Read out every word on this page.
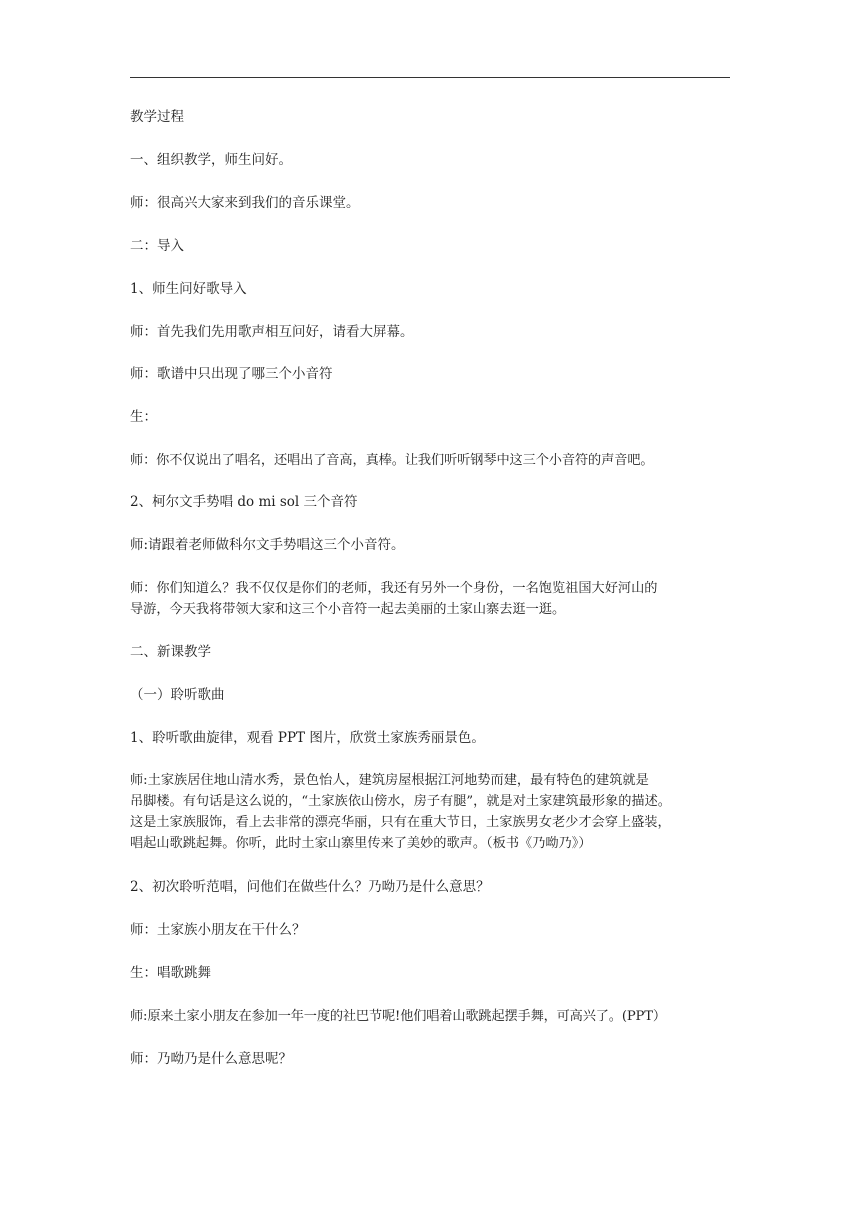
教学过程
一、组织教学，师生问好。
师：很高兴大家来到我们的音乐课堂。
二：导入
1、师生问好歌导入
师：首先我们先用歌声相互问好，请看大屏幕。
师：歌谱中只出现了哪三个小音符
生：
师：你不仅说出了唱名，还唱出了音高，真棒。让我们听听钢琴中这三个小音符的声音吧。
2、柯尔文手势唱 do mi sol 三个音符
师:请跟着老师做科尔文手势唱这三个小音符。
师：你们知道么？我不仅仅是你们的老师，我还有另外一个身份，一名饱览祖国大好河山的
导游，今天我将带领大家和这三个小音符一起去美丽的土家山寨去逛一逛。
二、新课教学
（一）聆听歌曲
1、聆听歌曲旋律，观看 PPT 图片，欣赏土家族秀丽景色。
师:土家族居住地山清水秀，景色怡人，建筑房屋根据江河地势而建，最有特色的建筑就是
吊脚楼。有句话是这么说的，“土家族依山傍水，房子有腿”，就是对土家建筑最形象的描述。
这是土家族服饰，看上去非常的漂亮华丽，只有在重大节日，土家族男女老少才会穿上盛装，
唱起山歌跳起舞。你听，此时土家山寨里传来了美妙的歌声。（板书《乃呦乃》）
2、初次聆听范唱，问他们在做些什么？乃呦乃是什么意思？
师：土家族小朋友在干什么？
生：唱歌跳舞
师:原来土家小朋友在参加一年一度的社巴节呢!他们唱着山歌跳起摆手舞，可高兴了。(PPT）
师：乃呦乃是什么意思呢？
